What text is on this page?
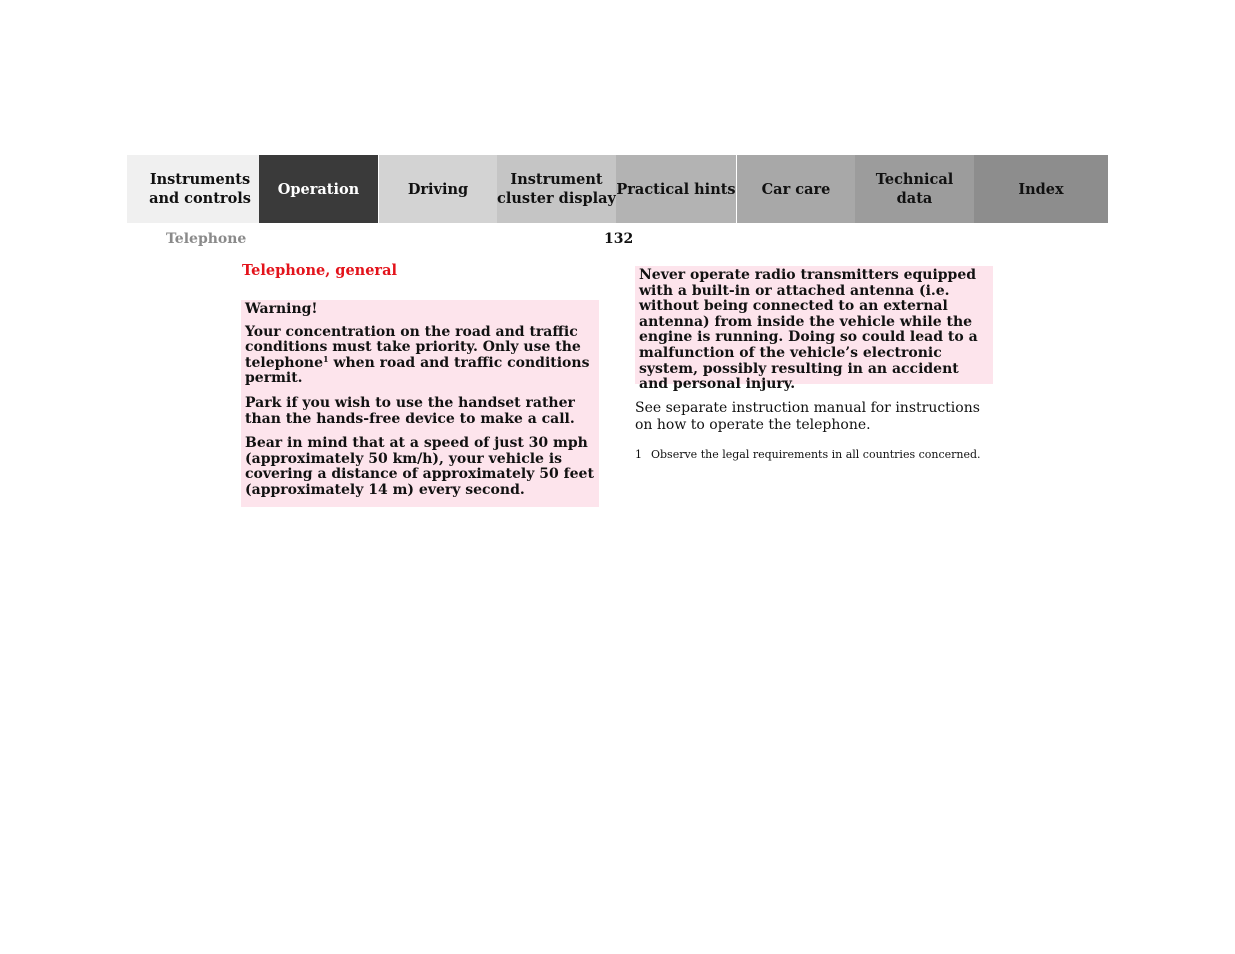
Instruments
and controls
Operation	Driving
Instrument
cluster display
Practical hints Car care
Technical
data
Index
Telephone	132
Telephone, general

Warning!

Your concentration on the road and traffic conditions must take priority. Only use the telephone$^1$ when road and traffic conditions permit.

Park if you wish to use the handset rather than the hands-free device to make a call.

Bear in mind that at a speed of just 30 mph (approximately 50 km/h), your vehicle is covering a distance of approximately 50 feet (approximately 14 m) every second.

Never operate radio transmitters equipped with a built-in or attached antenna (i.e. without being connected to an external antenna) from inside the vehicle while the engine is running. Doing so could lead to a malfunction of the vehicle’s electronic system, possibly resulting in an accident and personal injury.

See separate instruction manual for instructions on how to operate the telephone.
1 Observe the legal requirements in all countries concerned.
